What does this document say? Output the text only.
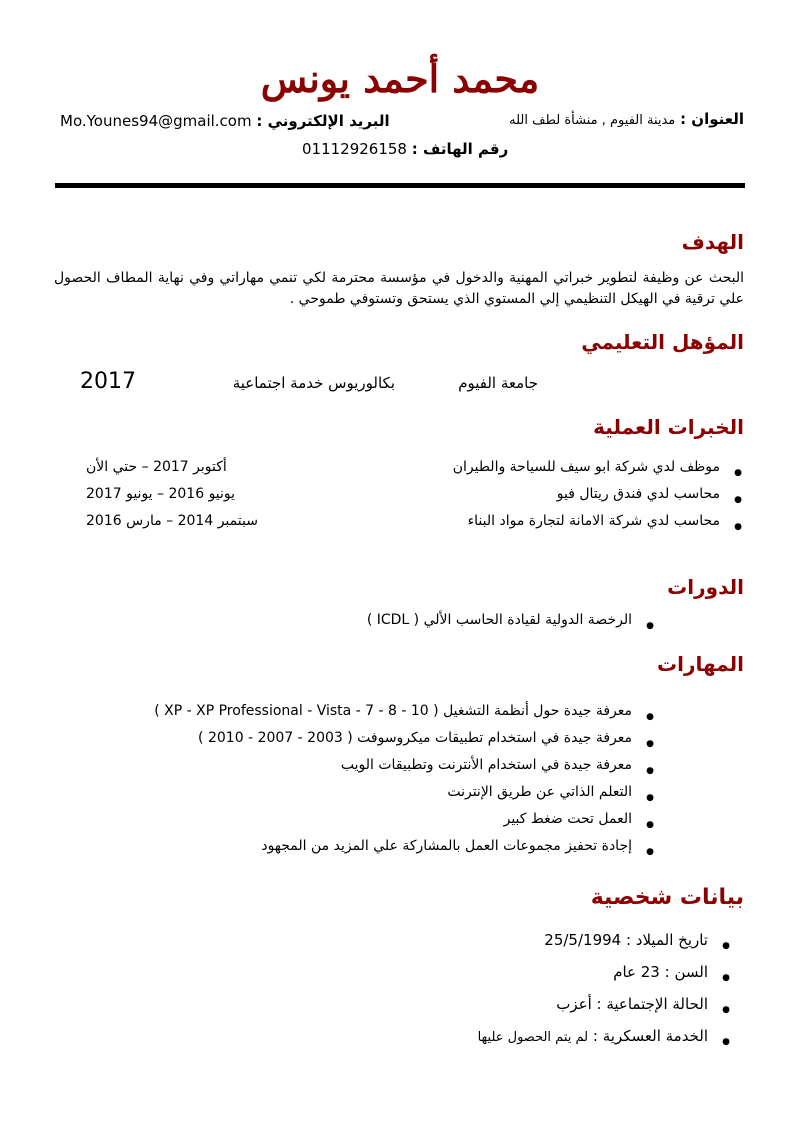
محمد أحمد يونس
العنوان : مدينة الفيوم , منشأة لطف الله
البريد الإلكتروني : Mo.Younes94@gmail.com
رقم الهاتف : 01112926158
الهدف
البحث عن وظيفة لتطوير خبراتي المهنية والدخول في مؤسسة محترمة لكي تنمي مهاراتي وفي نهاية المطاف الحصول علي ترقية في الهيكل التنظيمي إلي المستوي الذي يستحق وتستوفي طموحي .
المؤهل التعليمي
جامعة الفيوم
بكالوريوس خدمة اجتماعية
2017
الخبرات العملية
● موظف لدي شركة ابو سيف للسياحة والطيران
● محاسب لدي فندق ريتال فيو
● محاسب لدي شركة الامانة لتجارة مواد البناء
أكتوبر 2017 – حتي الأن
يونيو 2016 – يونيو 2017
سبتمبر 2014 – مارس 2016
الدورات
● الرخصة الدولية لقيادة الحاسب الألي ( ICDL )
المهارات
● معرفة جيدة حول أنظمة التشغيل ( XP - XP Professional - Vista - 7 - 8 - 10 )
● معرفة جيدة في استخدام تطبيقات ميكروسوفت ( 2003 - 2007 - 2010 )
● معرفة جيدة في استخدام الأنترنت وتطبيقات الويب
● التعلم الذاتي عن طريق الإنترنت
● العمل تحت ضغط كبير
● إجادة تحفيز مجموعات العمل بالمشاركة علي المزيد من المجهود
بيانات شخصية
● تاريخ الميلاد : 25/5/1994
● السن : 23 عام
● الحالة الإجتماعية : أعزب
● الخدمة العسكرية : لم يتم الحصول عليها
